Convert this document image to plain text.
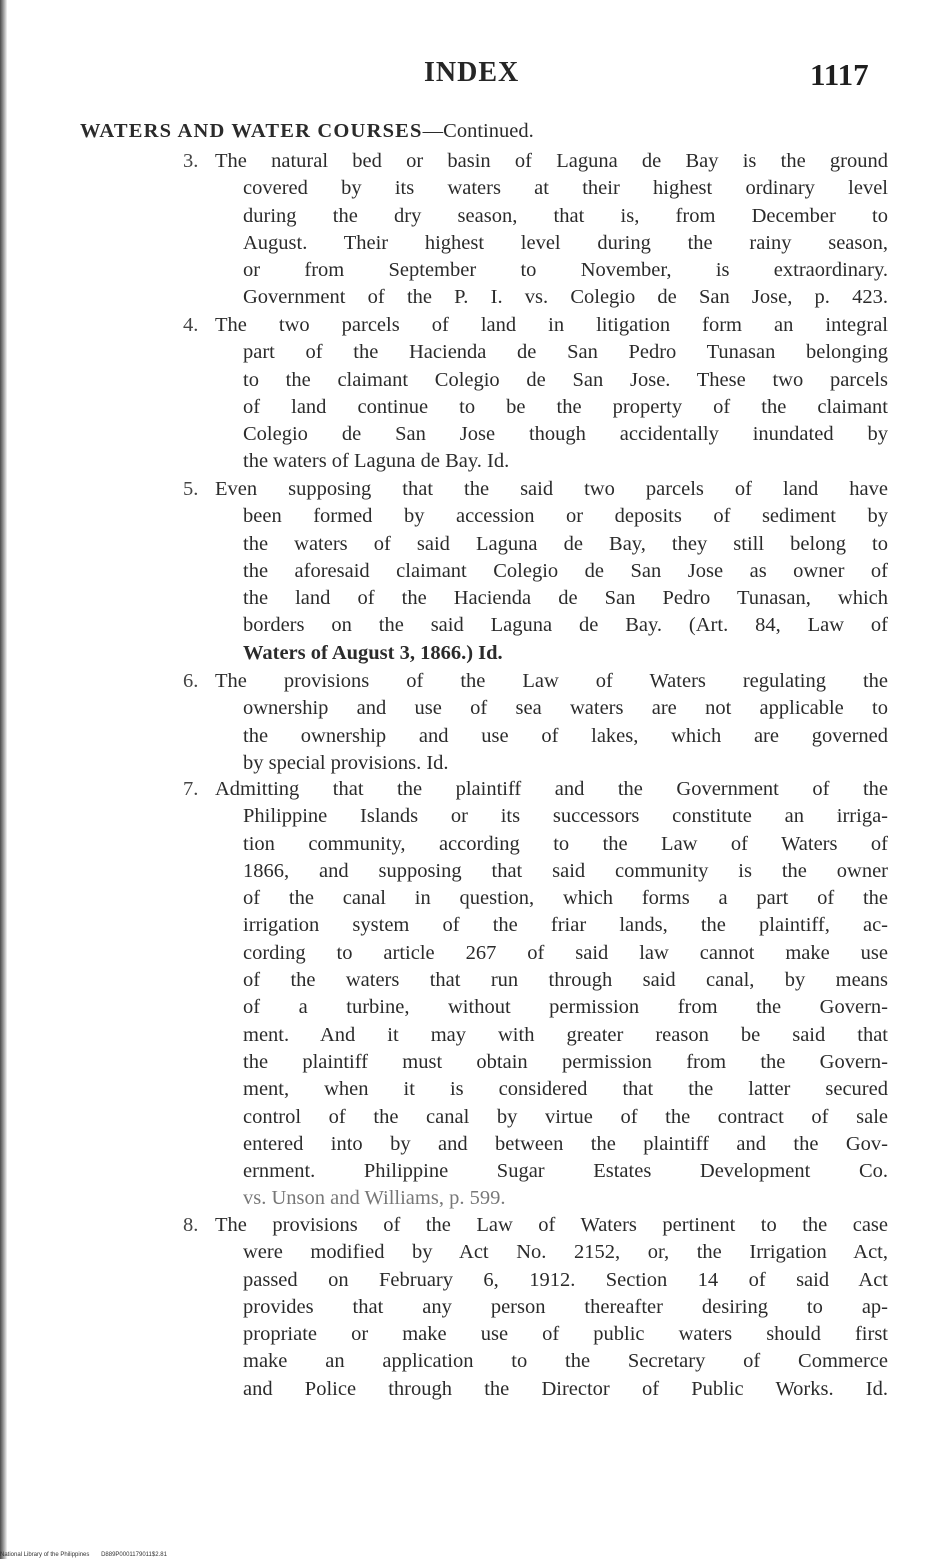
INDEX	1117
WATERS AND WATER COURSES—Continued.
3. The natural bed or basin of Laguna de Bay is the ground
covered by its waters at their highest ordinary level
during the dry season, that is, from December to
August. Their highest level during the rainy season,
or from September to November, is extraordinary.
Government of the P. I. vs. Colegio de San Jose, p. 423.
4. The two parcels of land in litigation form an integral
part of the Hacienda de San Pedro Tunasan belonging
to the claimant Colegio de San Jose. These two parcels
of land continue to be the property of the claimant
Colegio de San Jose though accidentally inundated by
the waters of Laguna de Bay. Id.
5. Even supposing that the said two parcels of land have
been formed by accession or deposits of sediment by
the waters of said Laguna de Bay, they still belong to
the aforesaid claimant Colegio de San Jose as owner of
the land of the Hacienda de San Pedro Tunasan, which
borders on the said Laguna de Bay. (Art. 84, Law of
Waters of August 3, 1866.) Id.
6. The provisions of the Law of Waters regulating the
ownership and use of sea waters are not applicable to
the ownership and use of lakes, which are governed
by special provisions. Id.
7. Admitting that the plaintiff and the Government of the
Philippine Islands or its successors constitute an irriga-
tion community, according to the Law of Waters of
1866, and supposing that said community is the owner
of the canal in question, which forms a part of the
irrigation system of the friar lands, the plaintiff, ac-
cording to article 267 of said law cannot make use
of the waters that run through said canal, by means
of a turbine, without permission from the Govern-
ment. And it may with greater reason be said that
the plaintiff must obtain permission from the Govern-
ment, when it is considered that the latter secured
control of the canal by virtue of the contract of sale
entered into by and between the plaintiff and the Gov-
ernment. Philippine Sugar Estates Development Co.
vs. Unson and Williams, p. 599.
8. The provisions of the Law of Waters pertinent to the case
were modified by Act No. 2152, or, the Irrigation Act,
passed on February 6, 1912. Section 14 of said Act
provides that any person thereafter desiring to ap-
propriate or make use of public waters should first
make an application to the Secretary of Commerce
and Police through the Director of Public Works. Id.
National Library of the Philippines D889P0001179011$2.81
